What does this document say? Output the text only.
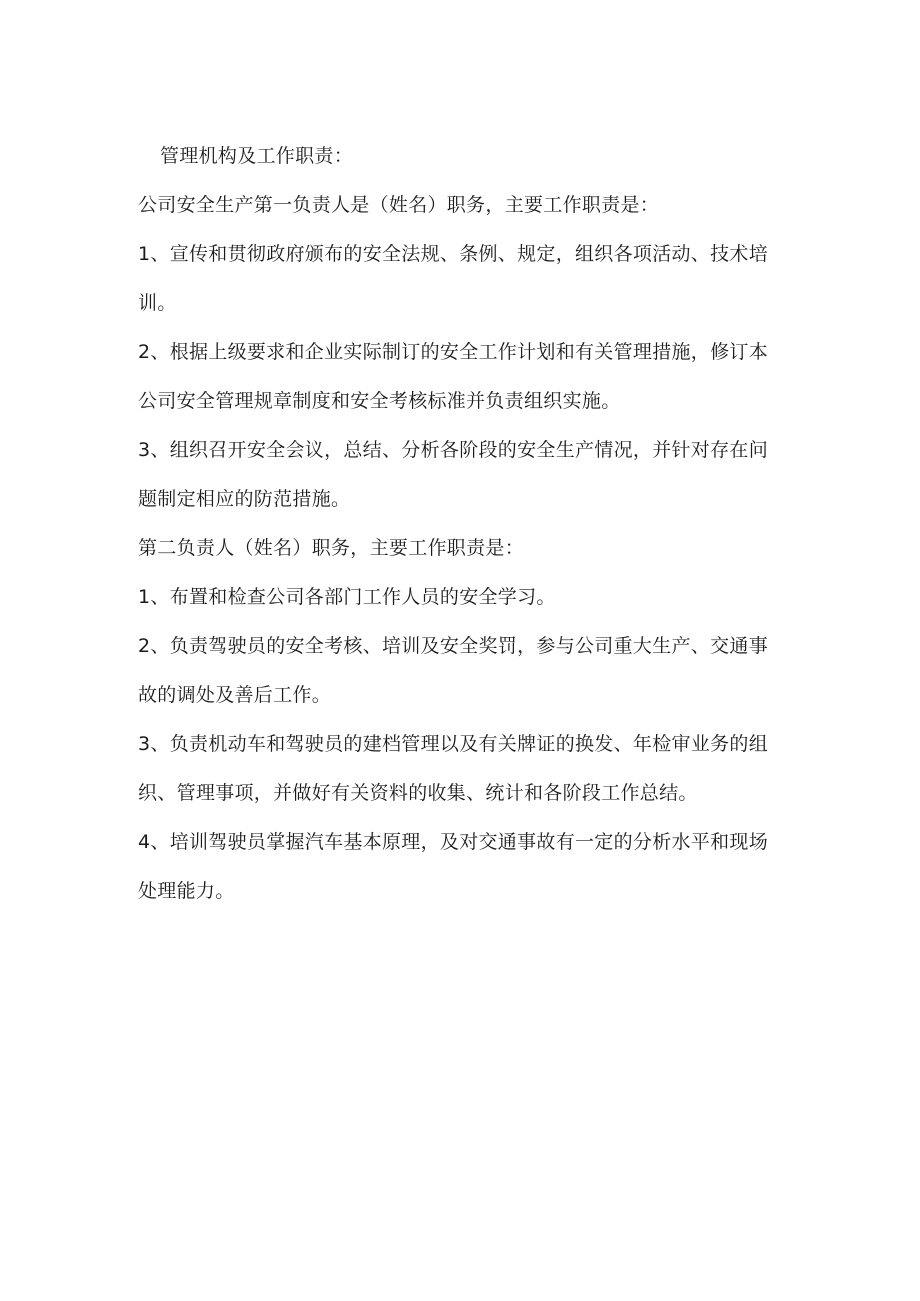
管理机构及工作职责：
公司安全生产第一负责人是（姓名）职务，主要工作职责是：
1、宣传和贯彻政府颁布的安全法规、条例、规定，组织各项活动、技术培
训。
2、根据上级要求和企业实际制订的安全工作计划和有关管理措施，修订本
公司安全管理规章制度和安全考核标准并负责组织实施。
3、组织召开安全会议，总结、分析各阶段的安全生产情况，并针对存在问
题制定相应的防范措施。
第二负责人（姓名）职务，主要工作职责是：
1、布置和检查公司各部门工作人员的安全学习。
2、负责驾驶员的安全考核、培训及安全奖罚，参与公司重大生产、交通事
故的调处及善后工作。
3、负责机动车和驾驶员的建档管理以及有关牌证的换发、年检审业务的组
织、管理事项，并做好有关资料的收集、统计和各阶段工作总结。
4、培训驾驶员掌握汽车基本原理，及对交通事故有一定的分析水平和现场
处理能力。
